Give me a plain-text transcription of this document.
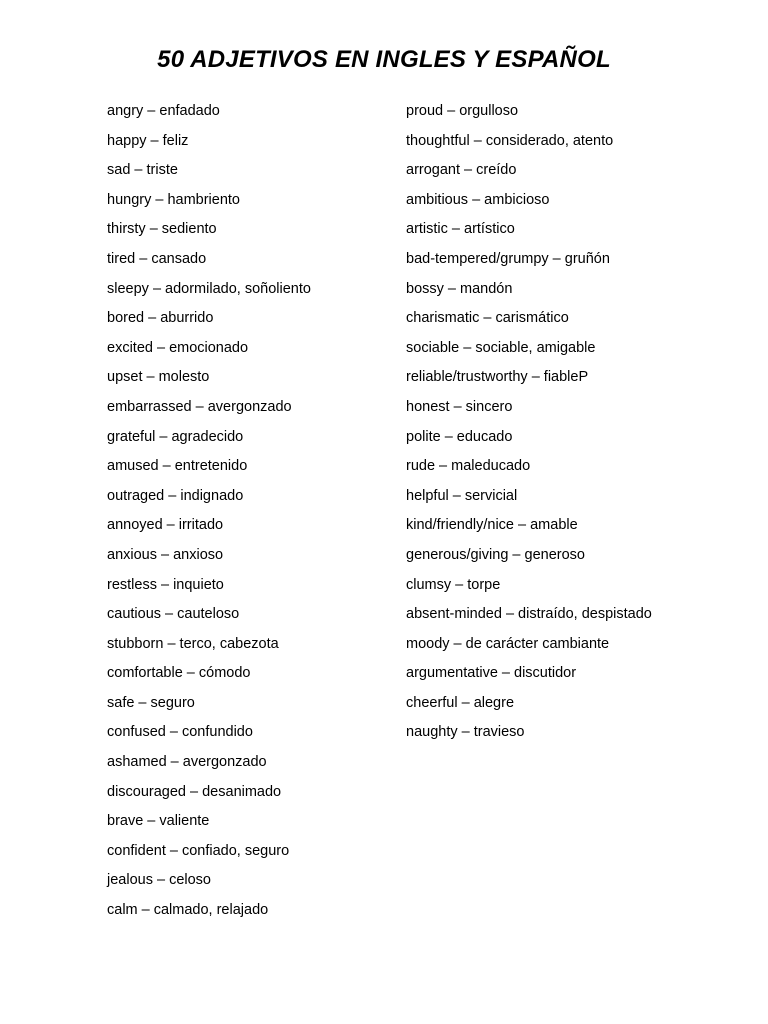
50 ADJETIVOS EN INGLES Y ESPAÑOL
angry – enfadado
happy – feliz
sad – triste
hungry – hambriento
thirsty – sediento
tired – cansado
sleepy – adormilado, soñoliento
bored – aburrido
excited – emocionado
upset – molesto
embarrassed – avergonzado
grateful – agradecido
amused – entretenido
outraged – indignado
annoyed – irritado
anxious – anxioso
restless – inquieto
cautious – cauteloso
stubborn – terco, cabezota
comfortable – cómodo
safe – seguro
confused – confundido
ashamed – avergonzado
discouraged – desanimado
brave – valiente
confident – confiado, seguro
jealous – celoso
calm – calmado, relajado
proud – orgulloso
thoughtful – considerado, atento
arrogant – creído
ambitious – ambicioso
artistic – artístico
bad-tempered/grumpy – gruñón
bossy – mandón
charismatic – carismático
sociable – sociable, amigable
reliable/trustworthy – fiableP
honest – sincero
polite – educado
rude – maleducado
helpful – servicial
kind/friendly/nice – amable
generous/giving – generoso
clumsy – torpe
absent-minded – distraído, despistado
moody – de carácter cambiante
argumentative – discutidor
cheerful – alegre
naughty – travieso
